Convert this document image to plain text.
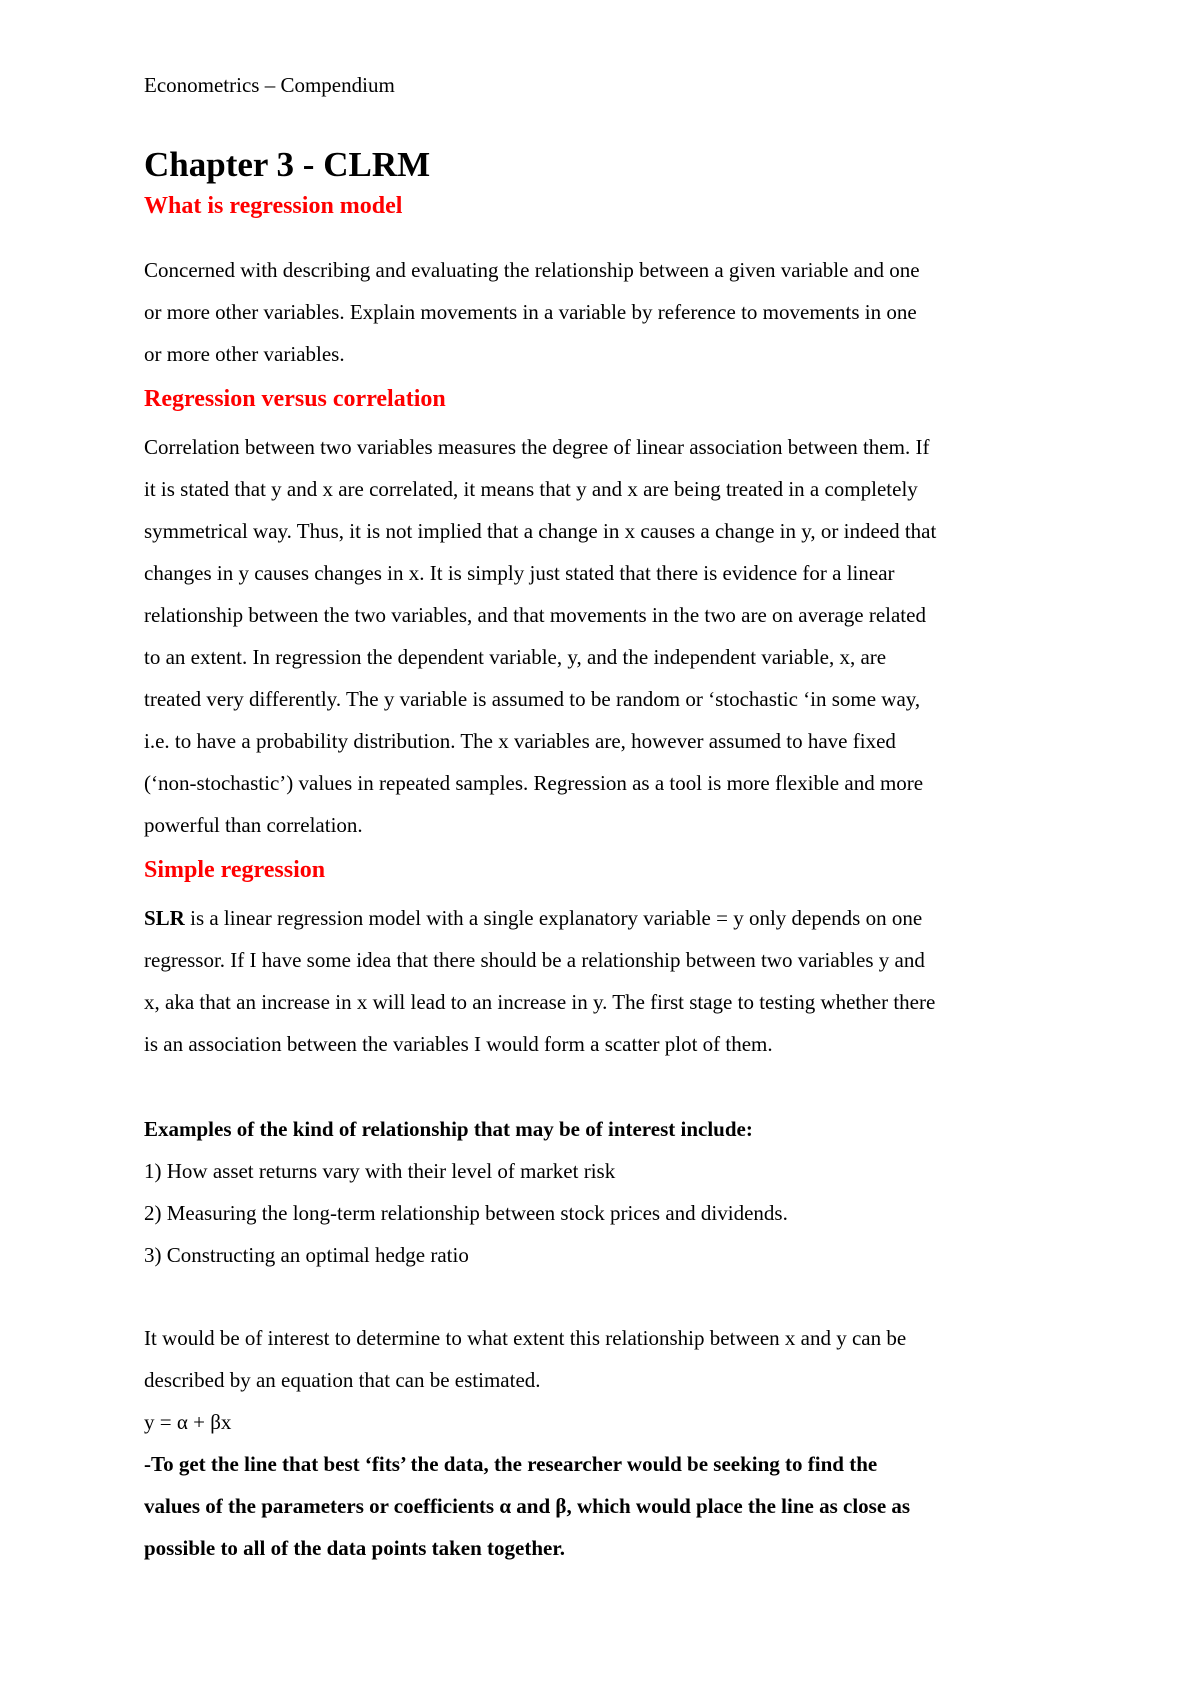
Econometrics – Compendium
Chapter 3 - CLRM
What is regression model

Concerned with describing and evaluating the relationship between a given variable and one
or more other variables. Explain movements in a variable by reference to movements in one
or more other variables.

Regression versus correlation

Correlation between two variables measures the degree of linear association between them. If
it is stated that y and x are correlated, it means that y and x are being treated in a completely
symmetrical way. Thus, it is not implied that a change in x causes a change in y, or indeed that
changes in y causes changes in x. It is simply just stated that there is evidence for a linear
relationship between the two variables, and that movements in the two are on average related
to an extent. In regression the dependent variable, y, and the independent variable, x, are
treated very differently. The y variable is assumed to be random or ‘stochastic ‘in some way,
i.e. to have a probability distribution. The x variables are, however assumed to have fixed
(‘non-stochastic’) values in repeated samples. Regression as a tool is more flexible and more
powerful than correlation.

Simple regression

SLR is a linear regression model with a single explanatory variable = y only depends on one
regressor. If I have some idea that there should be a relationship between two variables y and
x, aka that an increase in x will lead to an increase in y. The first stage to testing whether there
is an association between the variables I would form a scatter plot of them.

Examples of the kind of relationship that may be of interest include:
1) How asset returns vary with their level of market risk
2) Measuring the long-term relationship between stock prices and dividends.
3) Constructing an optimal hedge ratio

It would be of interest to determine to what extent this relationship between x and y can be
described by an equation that can be estimated.
y = α + βx
-To get the line that best ‘fits’ the data, the researcher would be seeking to find the
values of the parameters or coefficients α and β, which would place the line as close as
possible to all of the data points taken together.
